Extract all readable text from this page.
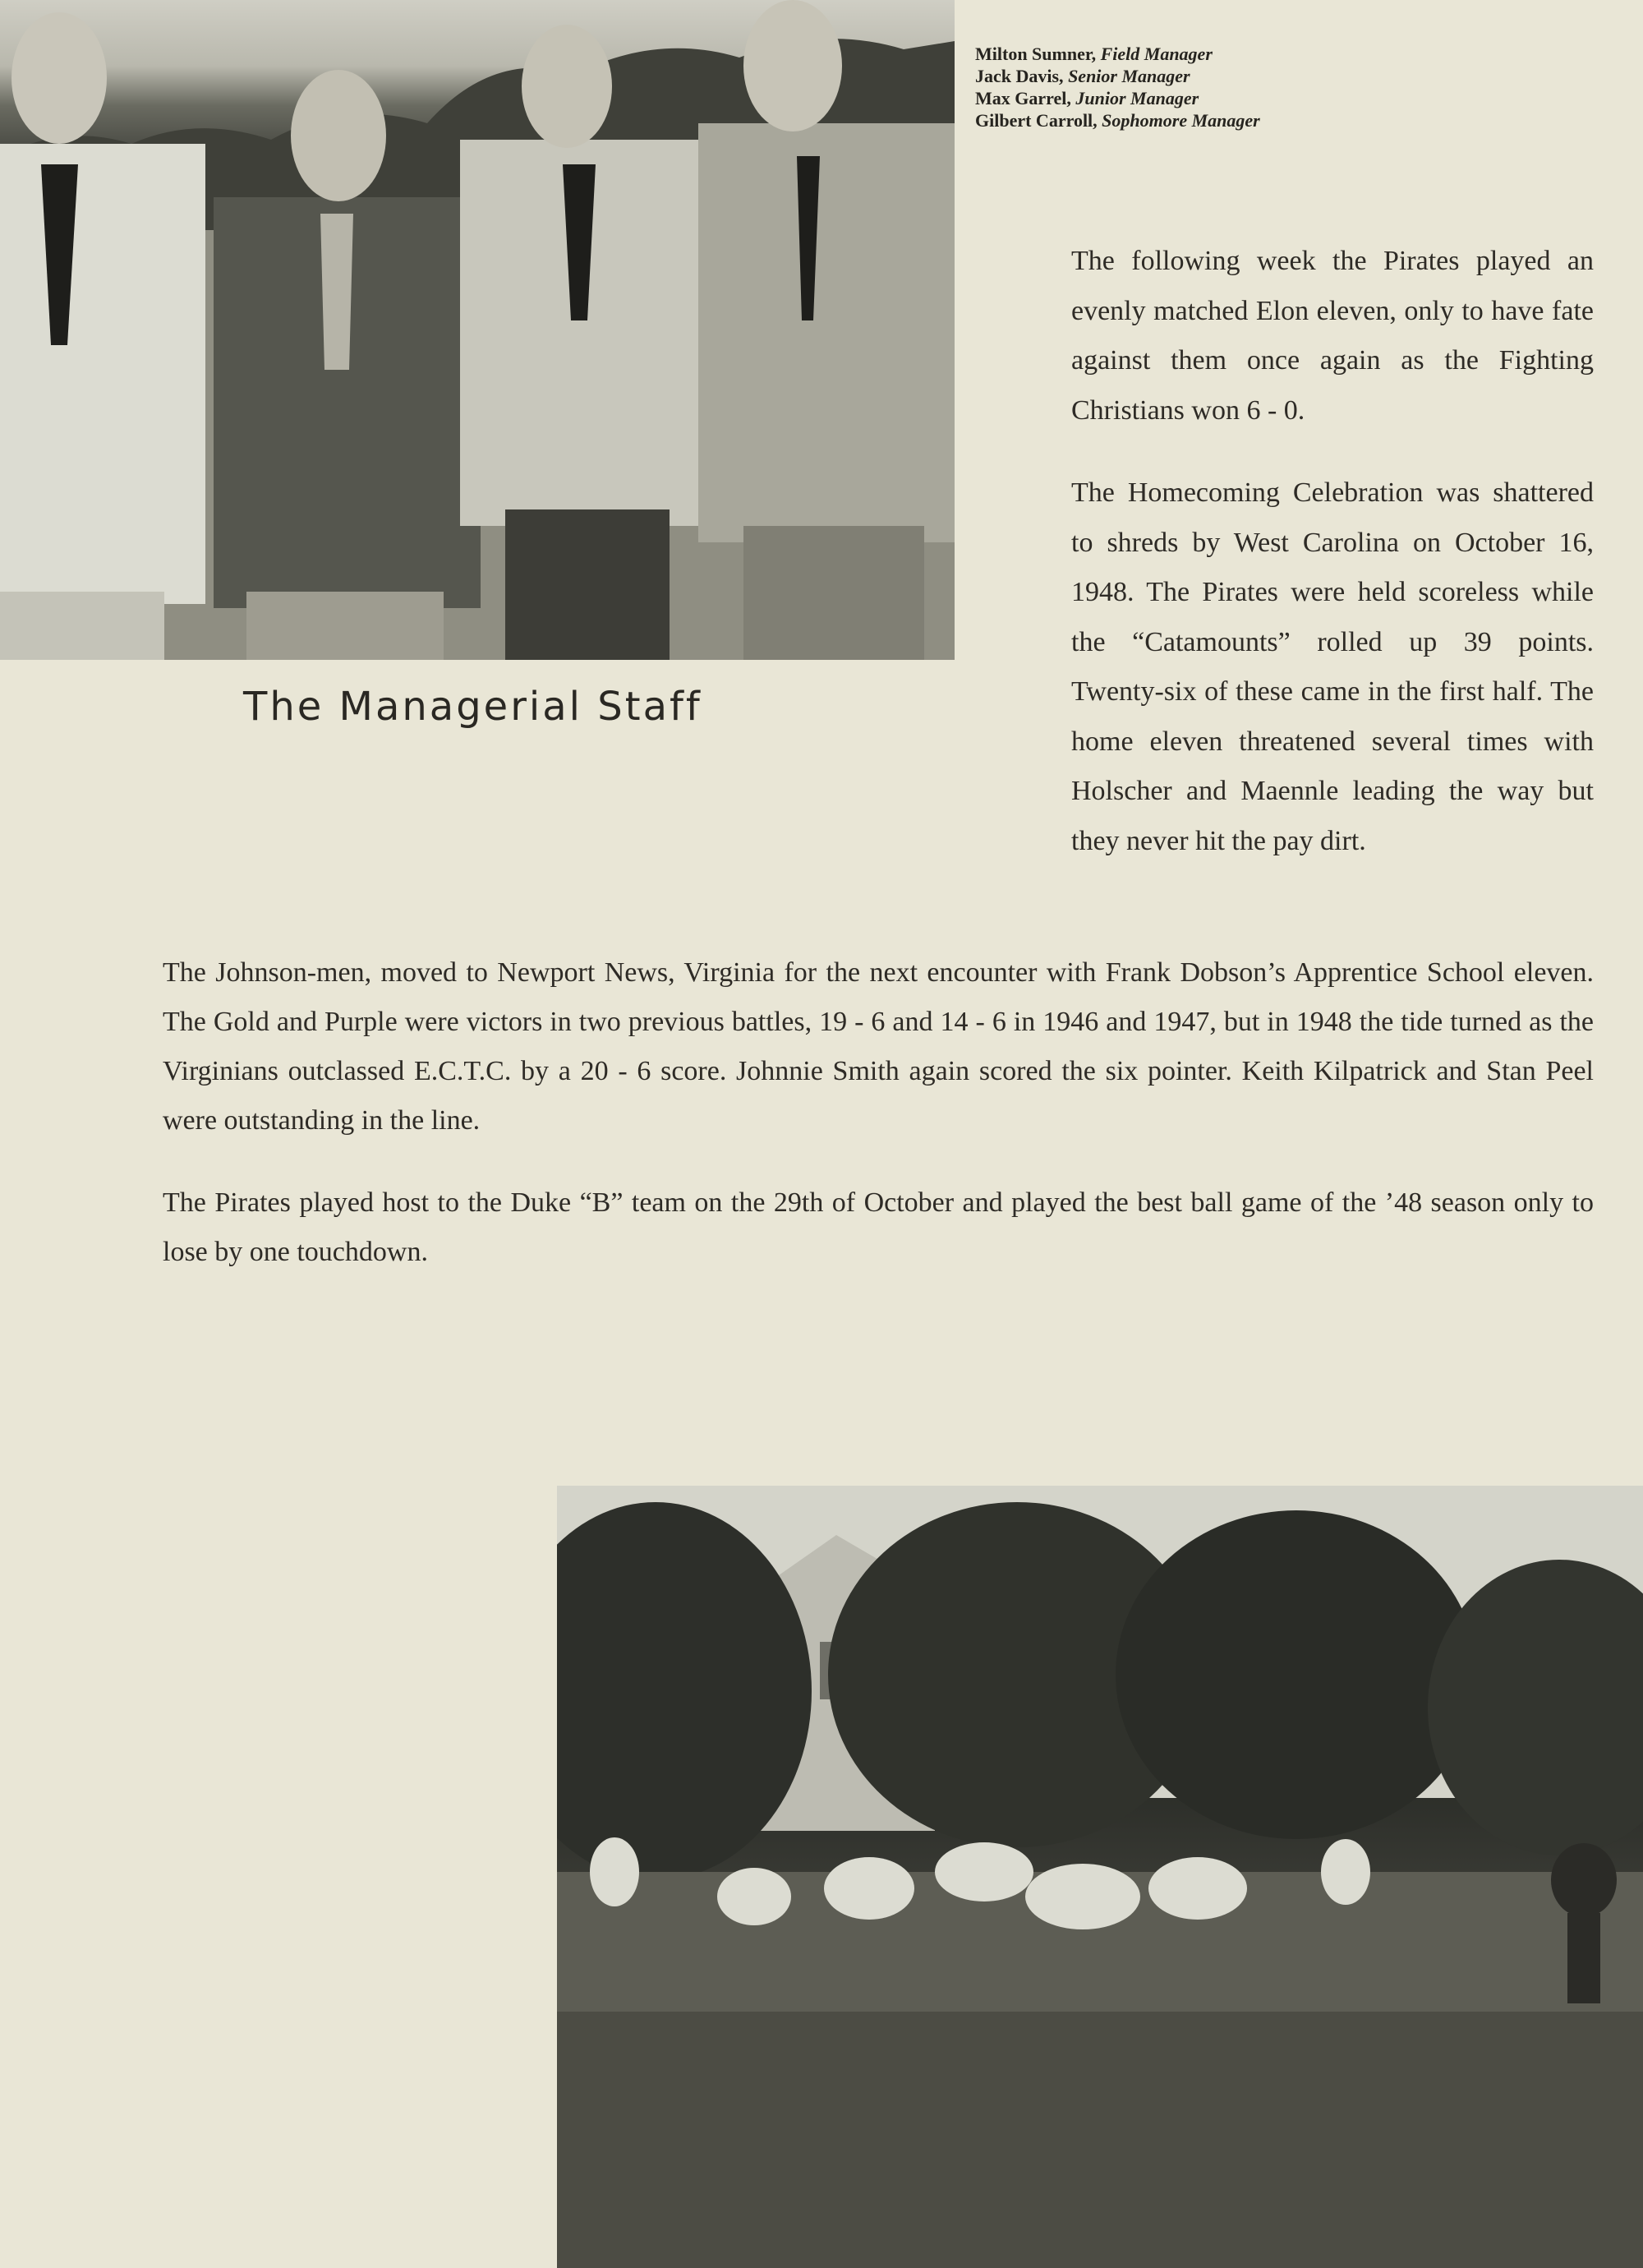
Milton Sumner, Field Manager
Jack Davis, Senior Manager
Max Garrel, Junior Manager
Gilbert Carroll, Sophomore Manager
The Managerial Staff

The following week the Pirates played an evenly matched Elon eleven, only to have fate against them once again as the Fighting Christians won 6 - 0.

The Homecoming Celebration was shattered to shreds by West Carolina on October 16, 1948. The Pirates were held scoreless while the “Catamounts” rolled up 39 points. Twenty-six of these came in the first half. The home eleven threatened several times with Holscher and Maennle leading the way but they never hit the pay dirt.

The Johnson-men, moved to Newport News, Virginia for the next encounter with Frank Dobson’s Apprentice School eleven. The Gold and Purple were victors in two previous battles, 19 - 6 and 14 - 6 in 1946 and 1947, but in 1948 the tide turned as the Virginians outclassed E.C.T.C. by a 20 - 6 score. Johnnie Smith again scored the six pointer. Keith Kilpatrick and Stan Peel were outstanding in the line.

The Pirates played host to the Duke “B” team on the 29th of October and played the best ball game of the ’48 season only to lose by one touchdown.
